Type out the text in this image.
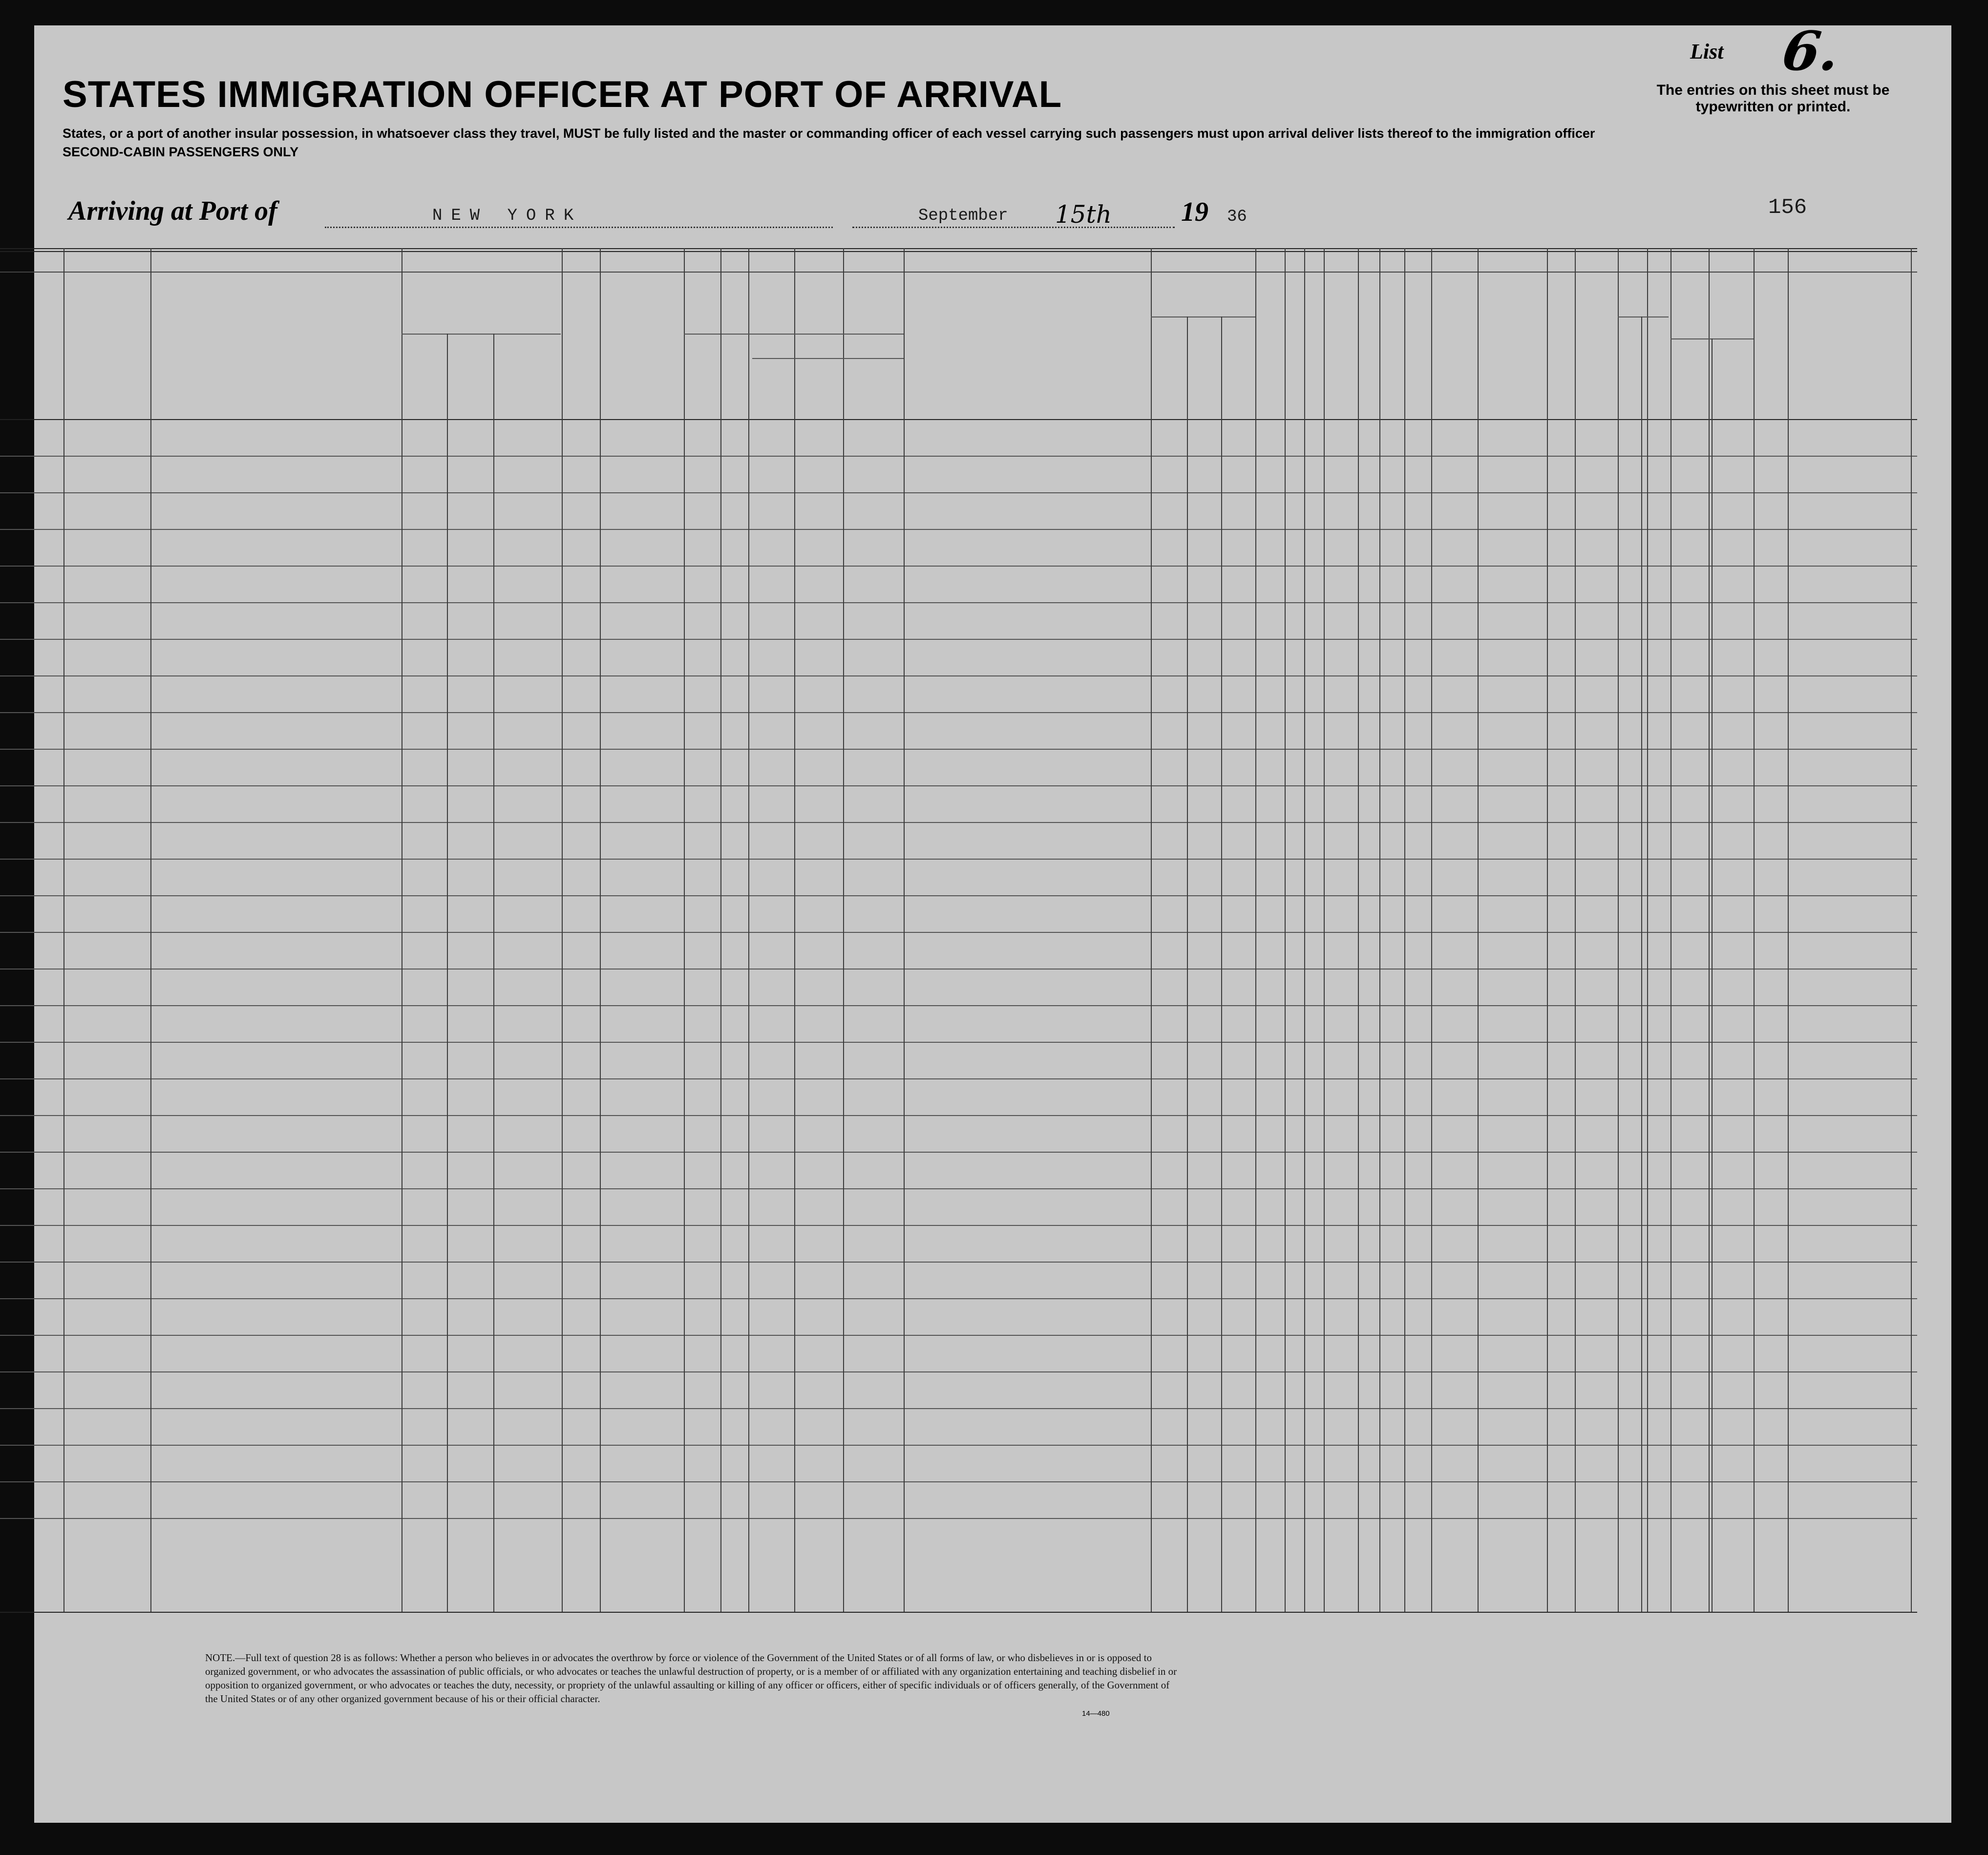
STATES IMMIGRATION OFFICER AT PORT OF ARRIVAL
States, or a port of another insular possession, in whatsoever class they travel, MUST be fully listed and the master or commanding officer of each vessel carrying such passengers must upon arrival deliver lists thereof to the immigration officer
SECOND-CABIN PASSENGERS ONLY
List 6.
The entries on this sheet must be typewritten or printed.
Arriving at Port of	NEW YORK	September 15th	19 36	156
NOTE.—Full text of question 28 is as follows: Whether a person who believes in or advocates the overthrow by force or violence of the Government of the United States or of all forms of law, or who disbelieves in or is opposed to organized government, or who advocates the assassination of public officials, or who advocates or teaches the unlawful destruction of property, or is a member of or affiliated with any organization entertaining and teaching disbelief in or opposition to organized government, or who advocates or teaches the duty, necessity, or propriety of the unlawful assaulting or killing of any officer or officers, either of specific individuals or of officers generally, of the Government of the United States or of any other organized government because of his or their official character.
14—480
